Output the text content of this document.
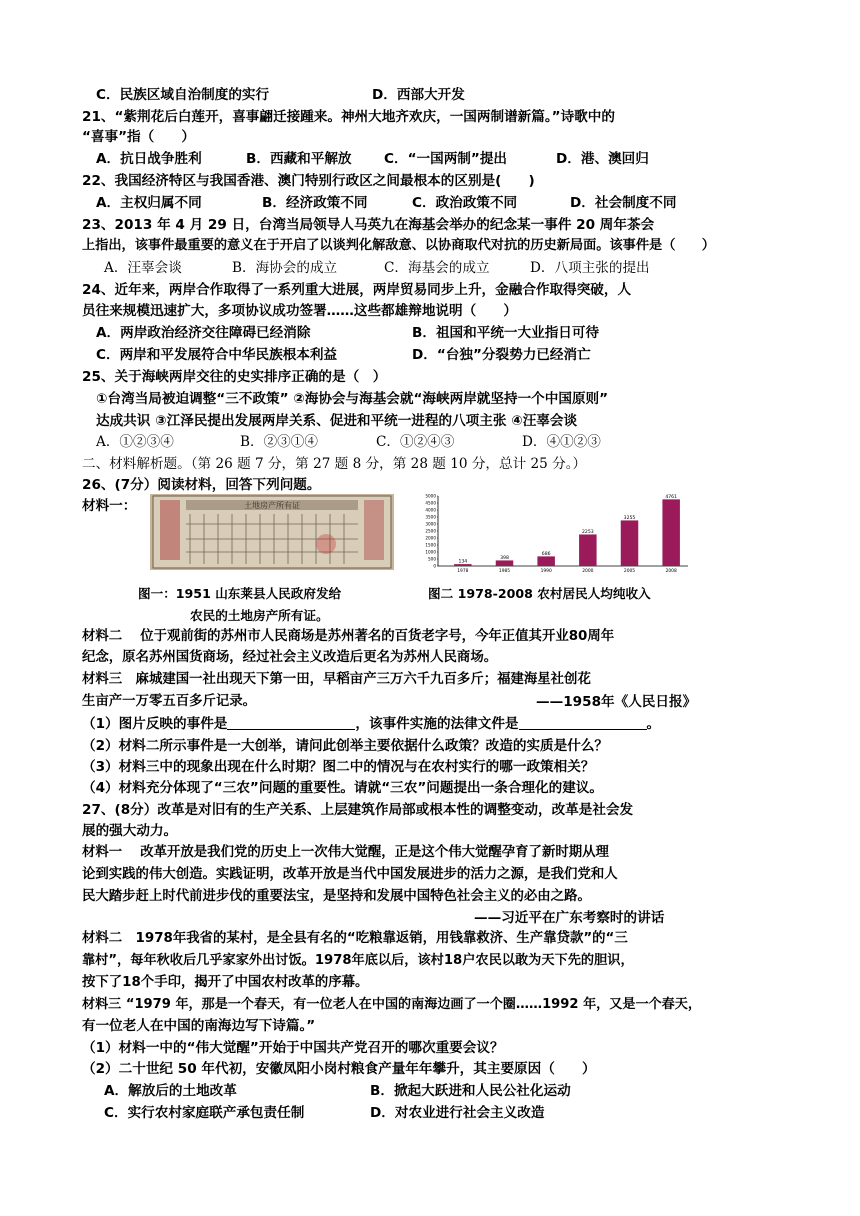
C．民族区域自治制度的实行	D．西部大开发
21、“紫荆花后白莲开，喜事翩迁接踵来。神州大地齐欢庆，一国两制谱新篇。”诗歌中的
“喜事”指（　　）
A．抗日战争胜利	B．西藏和平解放 C．“一国两制”提出	D．港、澳回归
22、我国经济特区与我国香港、澳门特别行政区之间最根本的区别是(　　)
A．主权归属不同	B．经济政策不同	C．政治政策不同	D．社会制度不同
23、2013 年 4 月 29 日，台湾当局领导人马英九在海基会举办的纪念某一事件 20 周年茶会
上指出，该事件最重要的意义在于开启了以谈判化解敌意、以协商取代对抗的历史新局面。该事件是（　　）
A．汪辜会谈	B．海协会的成立	C．海基会的成立	D．八项主张的提出
24、近年来，两岸合作取得了一系列重大进展，两岸贸易同步上升，金融合作取得突破，人
员往来规模迅速扩大，多项协议成功签署……这些都雄辩地说明（　　）
A．两岸政治经济交往障碍已经消除	B．祖国和平统一大业指日可待
C．两岸和平发展符合中华民族根本利益	D．“台独”分裂势力已经消亡
25、关于海峡两岸交往的史实排序正确的是（　）
①台湾当局被迫调整“三不政策” ②海协会与海基会就“海峡两岸就坚持一个中国原则”
达成共识 ③江泽民提出发展两岸关系、促进和平统一进程的八项主张 ④汪辜会谈
A．①②③④	B．②③①④	C．①②④③	D．④①②③
二、材料解析题。（第 26 题 7 分，第 27 题 8 分，第 28 题 10 分，总计 25 分。）
26、(7分）阅读材料，回答下列问题。
材料一：	土地房产所有证
5000
4500
4000
3500
3000
2500
2000
1500
1000
500
0
134
1978
398
1985
686
1990
2253
2000
3255
2005
4761
2008
图一：1951 山东莱县人民政府发给
农民的土地房产所有证。
图二 1978-2008 农村居民人均纯收入
材料二　 位于观前街的苏州市人民商场是苏州著名的百货老字号，今年正值其开业80周年
纪念，原名苏州国货商场，经过社会主义改造后更名为苏州人民商场。
材料三　麻城建国一社出现天下第一田，早稻亩产三万六千九百多斤；福建海星社创花
生亩产一万零五百多斤记录。	——1958年《人民日报》
（1）图片反映的事件是	，该事件实施的法律文件是	。
（2）材料二所示事件是一大创举，请问此创举主要依据什么政策？改造的实质是什么？
（3）材料三中的现象出现在什么时期？图二中的情况与在农村实行的哪一政策相关？
（4）材料充分体现了“三农”问题的重要性。请就“三农”问题提出一条合理化的建议。
27、(8分）改革是对旧有的生产关系、上层建筑作局部或根本性的调整变动，改革是社会发
展的强大动力。
材料一　 改革开放是我们党的历史上一次伟大觉醒，正是这个伟大觉醒孕育了新时期从理
论到实践的伟大创造。实践证明，改革开放是当代中国发展进步的活力之源，是我们党和人
民大踏步赶上时代前进步伐的重要法宝，是坚持和发展中国特色社会主义的必由之路。
——习近平在广东考察时的讲话
材料二　1978年我省的某村，是全县有名的“吃粮靠返销，用钱靠救济、生产靠贷款”的“三
靠村”，每年秋收后几乎家家外出讨饭。1978年底以后，该村18户农民以敢为天下先的胆识，
按下了18个手印，揭开了中国农村改革的序幕。
材料三 “1979 年，那是一个春天，有一位老人在中国的南海边画了一个圈……1992 年，又是一个春天，
有一位老人在中国的南海边写下诗篇。”
（1）材料一中的“伟大觉醒”开始于中国共产党召开的哪次重要会议？
（2）二十世纪 50 年代初，安徽凤阳小岗村粮食产量年年攀升，其主要原因（　　）
A．解放后的土地改革	B．掀起大跃进和人民公社化运动
C．实行农村家庭联产承包责任制	D．对农业进行社会主义改造
